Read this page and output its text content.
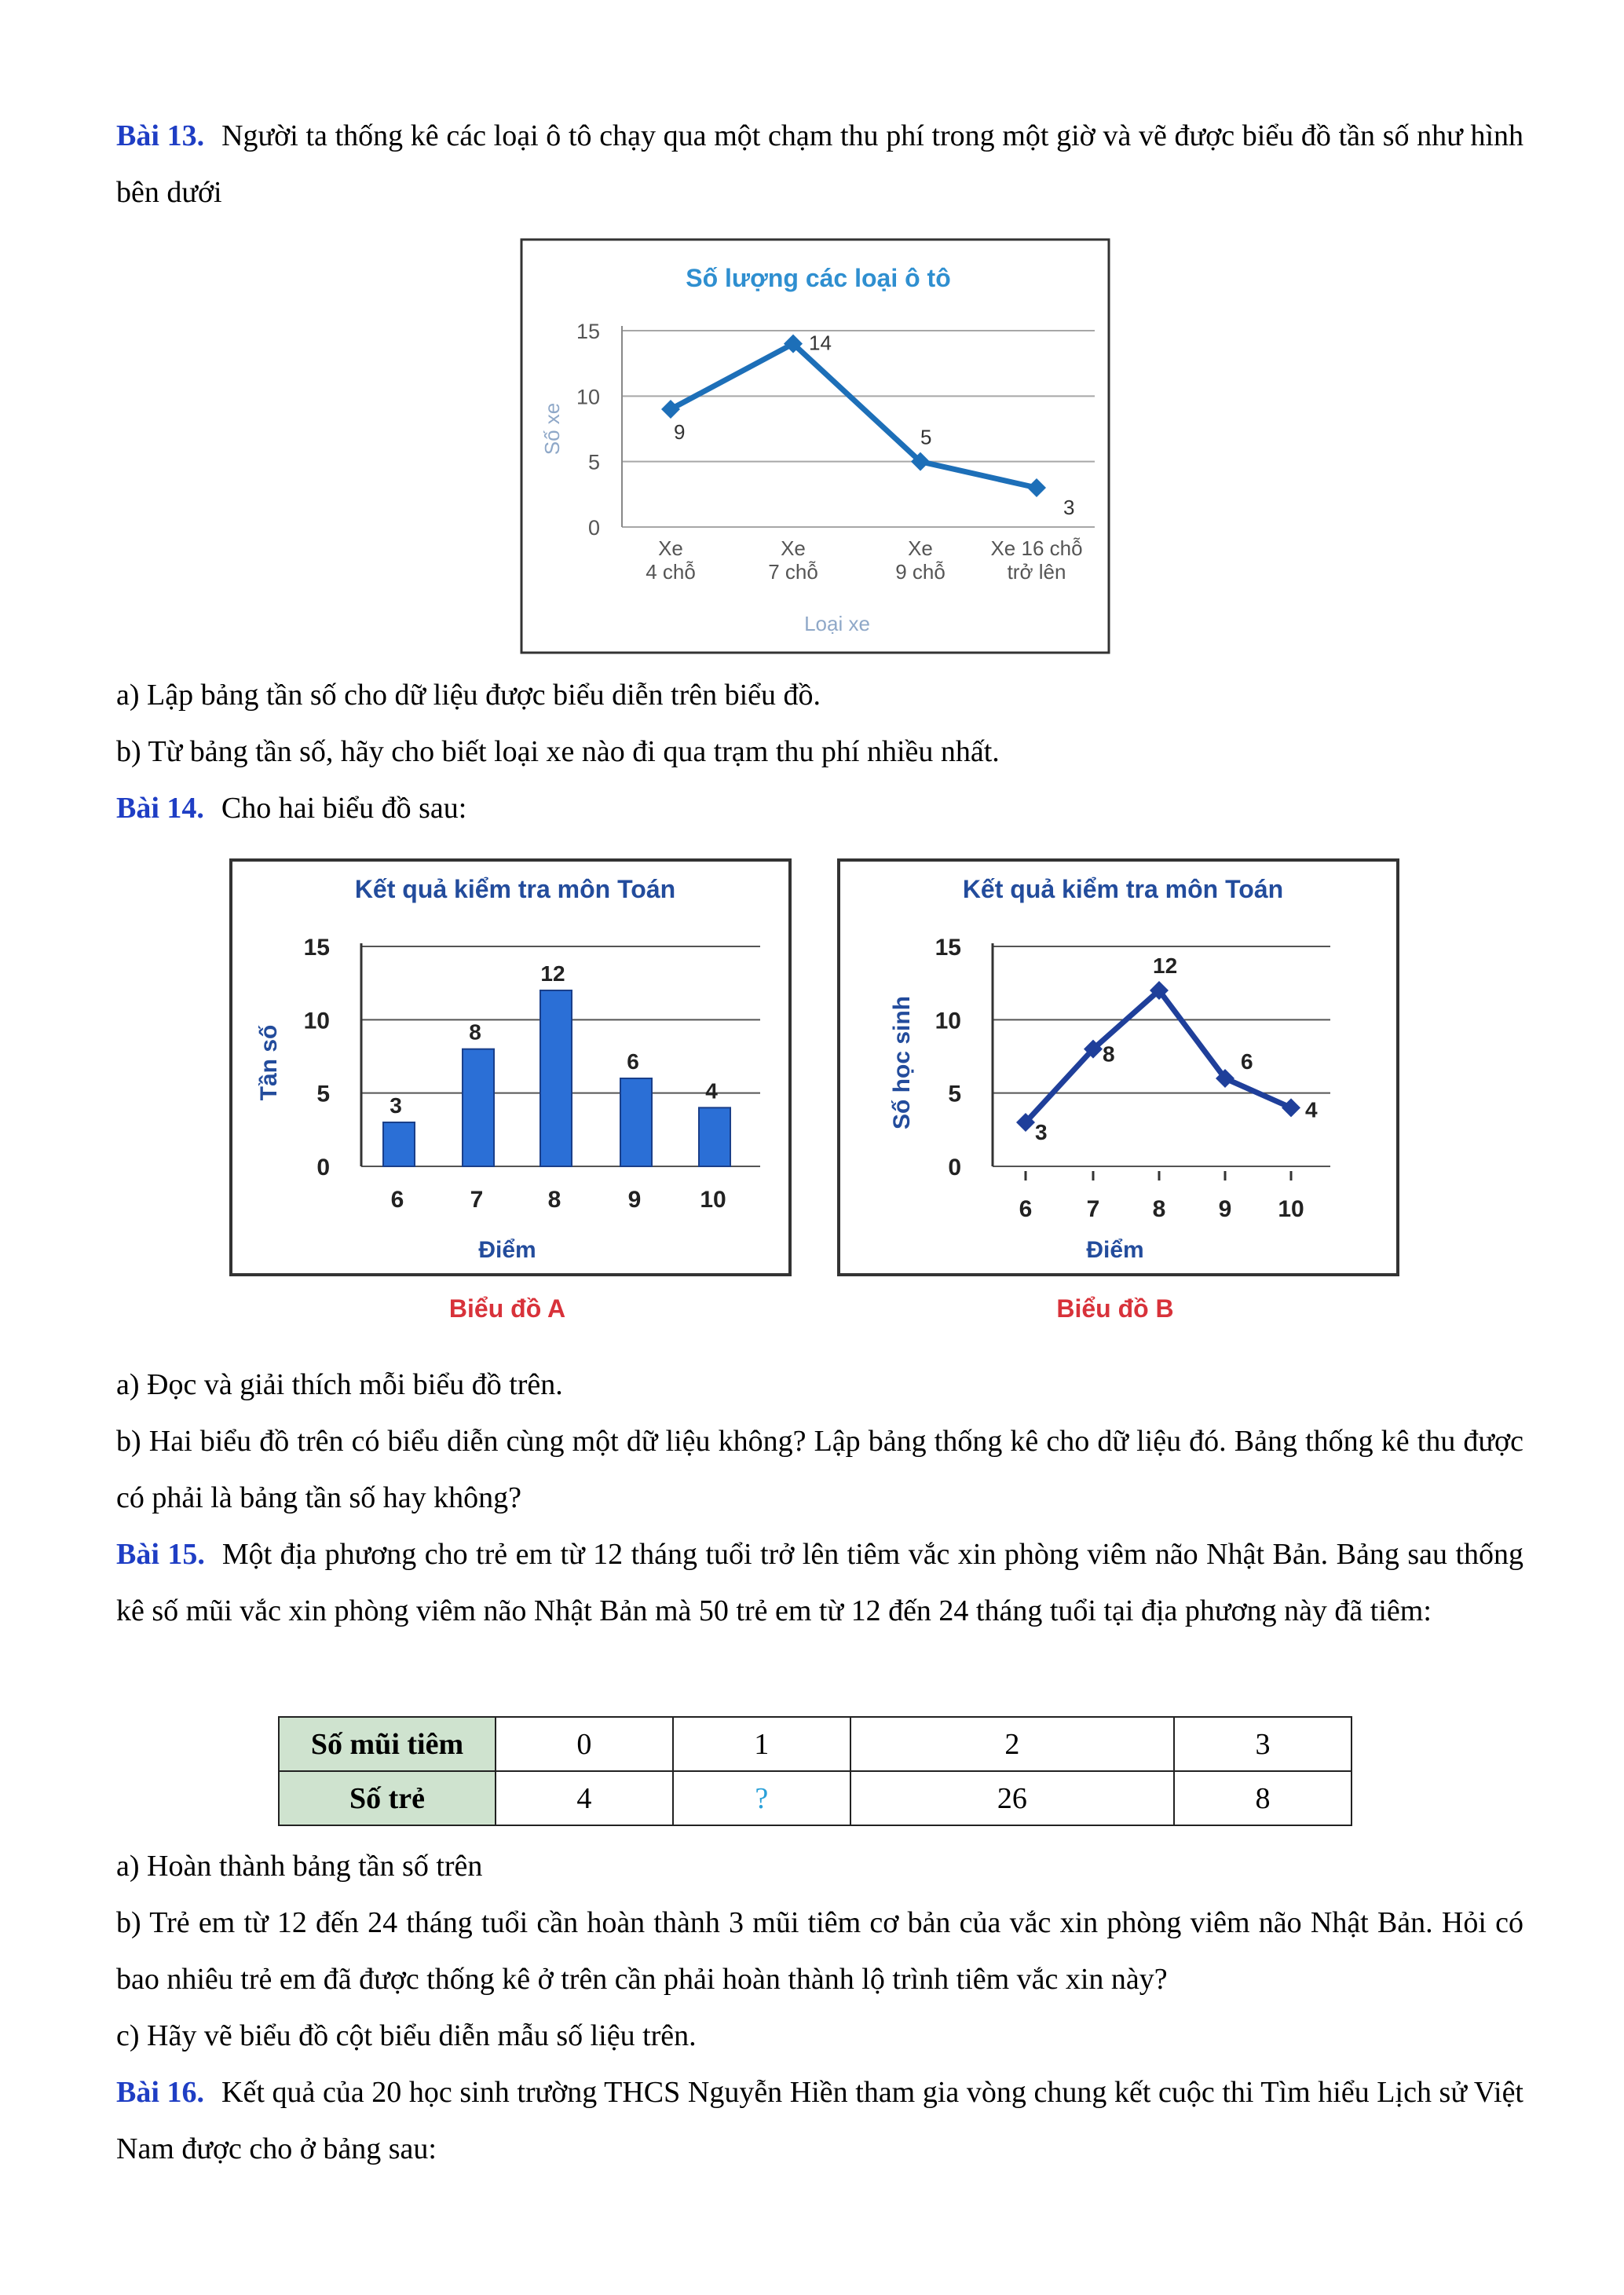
Bài 13. Người ta thống kê các loại ô tô chạy qua một chạm thu phí trong một giờ và vẽ được biểu đồ tần số như hình bên dưới
Số lượng các loại ô tô
0
5
10
15
Số xe	9
14
5
3
Xe
4 chỗ
Xe
7 chỗ
Xe
9 chỗ
Xe 16 chỗ
trở lên
Loại xe
a) Lập bảng tần số cho dữ liệu được biểu diễn trên biểu đồ.
b) Từ bảng tần số, hãy cho biết loại xe nào đi qua trạm thu phí nhiều nhất.
Bài 14. Cho hai biểu đồ sau:
Kết quả kiểm tra môn Toán
0
5
10
15
Tần số
3
8
12
6
4
6	7	8	9 10
Điểm
Biểu đồ A
Kết quả kiểm tra môn Toán
0
5
10
15
Số học sinh
3
8
12
6
4
6 7 8 9 10
Điểm
Biểu đồ B
a) Đọc và giải thích mỗi biểu đồ trên.
b) Hai biểu đồ trên có biểu diễn cùng một dữ liệu không? Lập bảng thống kê cho dữ liệu đó. Bảng thống kê thu được có phải là bảng tần số hay không?
Bài 15. Một địa phương cho trẻ em từ 12 tháng tuổi trở lên tiêm vắc xin phòng viêm não Nhật Bản. Bảng sau thống kê số mũi vắc xin phòng viêm não Nhật Bản mà 50 trẻ em từ 12 đến 24 tháng tuổi tại địa phương này đã tiêm:
Số mũi tiêm	0	1	2	3
Số trẻ	4	?	26	8
a) Hoàn thành bảng tần số trên
b) Trẻ em từ 12 đến 24 tháng tuổi cần hoàn thành 3 mũi tiêm cơ bản của vắc xin phòng viêm não Nhật Bản. Hỏi có bao nhiêu trẻ em đã được thống kê ở trên cần phải hoàn thành lộ trình tiêm vắc xin này?
c) Hãy vẽ biểu đồ cột biểu diễn mẫu số liệu trên.
Bài 16. Kết quả của 20 học sinh trường THCS Nguyễn Hiền tham gia vòng chung kết cuộc thi Tìm hiểu Lịch sử Việt Nam được cho ở bảng sau:
